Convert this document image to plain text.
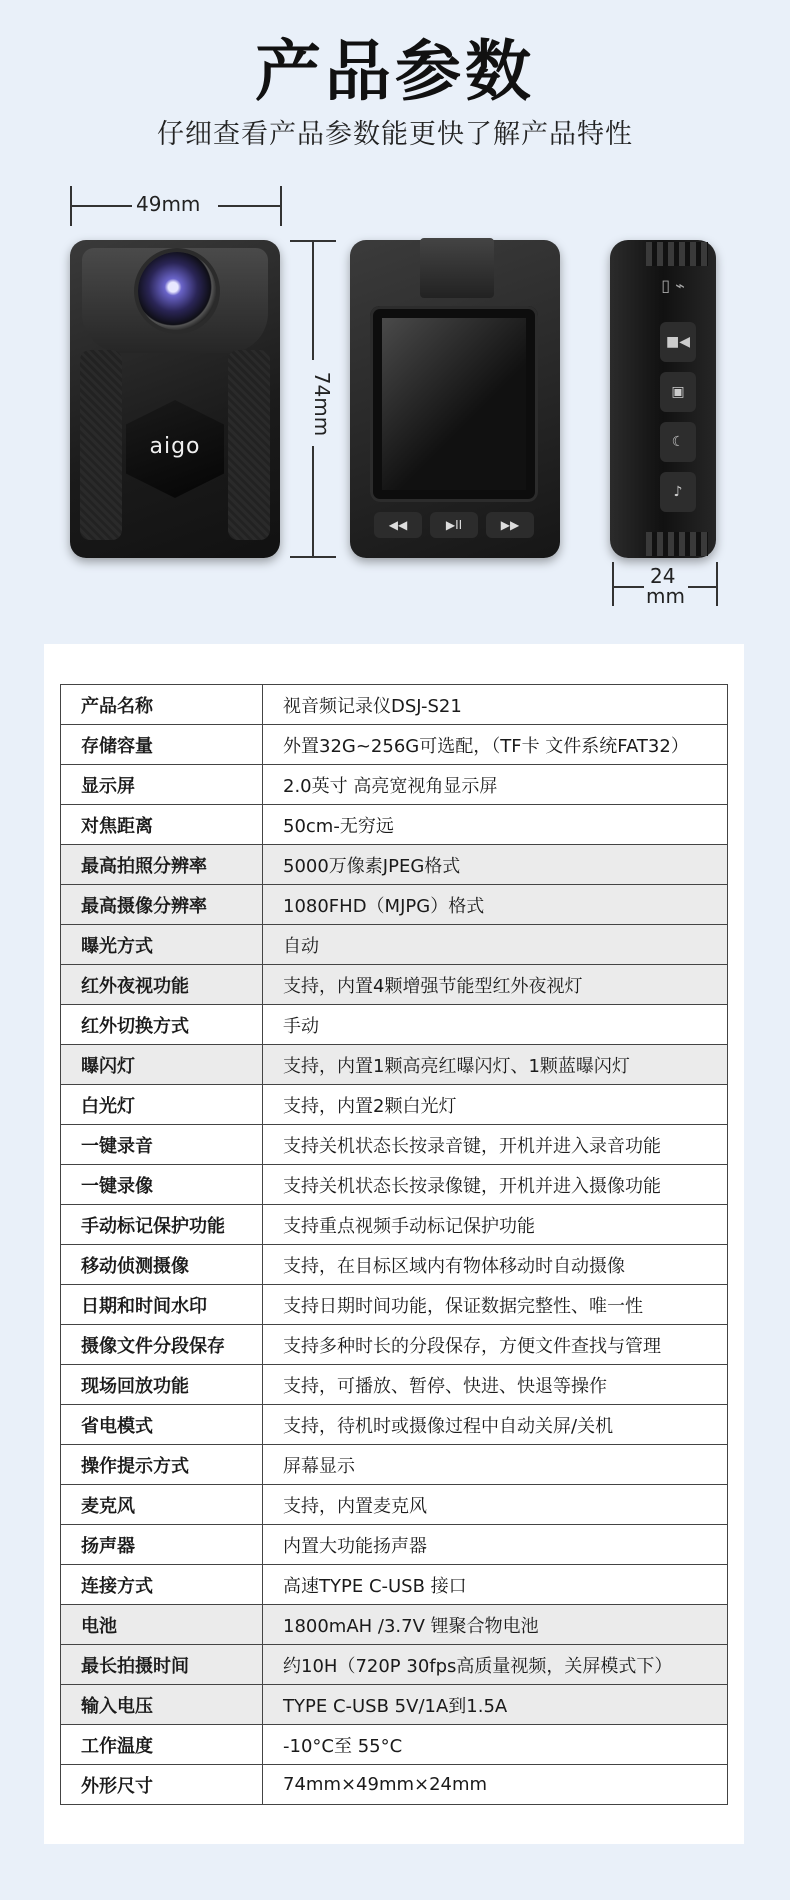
产品参数
仔细查看产品参数能更快了解产品特性
49mm
74mm
aigo
◀◀	▶II	▶▶
▯ ⌁
■◀
▣
☾
♪
24
mm
产品名称	视音频记录仪DSJ-S21
存储容量	外置32G~256G可选配，（TF卡 文件系统FAT32）
显示屏	2.0英寸 高亮宽视角显示屏
对焦距离	50cm-无穷远
最高拍照分辨率	5000万像素JPEG格式
最高摄像分辨率	1080FHD（MJPG）格式
曝光方式	自动
红外夜视功能	支持，内置4颗增强节能型红外夜视灯
红外切换方式	手动
曝闪灯	支持，内置1颗高亮红曝闪灯、1颗蓝曝闪灯
白光灯	支持，内置2颗白光灯
一键录音	支持关机状态长按录音键，开机并进入录音功能
一键录像	支持关机状态长按录像键，开机并进入摄像功能
手动标记保护功能	支持重点视频手动标记保护功能
移动侦测摄像	支持，在目标区域内有物体移动时自动摄像
日期和时间水印	支持日期时间功能，保证数据完整性、唯一性
摄像文件分段保存	支持多种时长的分段保存，方便文件查找与管理
现场回放功能	支持，可播放、暂停、快进、快退等操作
省电模式	支持，待机时或摄像过程中自动关屏/关机
操作提示方式	屏幕显示
麦克风	支持，内置麦克风
扬声器	内置大功能扬声器
连接方式	高速TYPE C-USB 接口
电池	1800mAH /3.7V 锂聚合物电池
最长拍摄时间	约10H（720P 30fps高质量视频，关屏模式下）
输入电压	TYPE C-USB 5V/1A到1.5A
工作温度	-10°C至 55°C
外形尺寸	74mm×49mm×24mm
